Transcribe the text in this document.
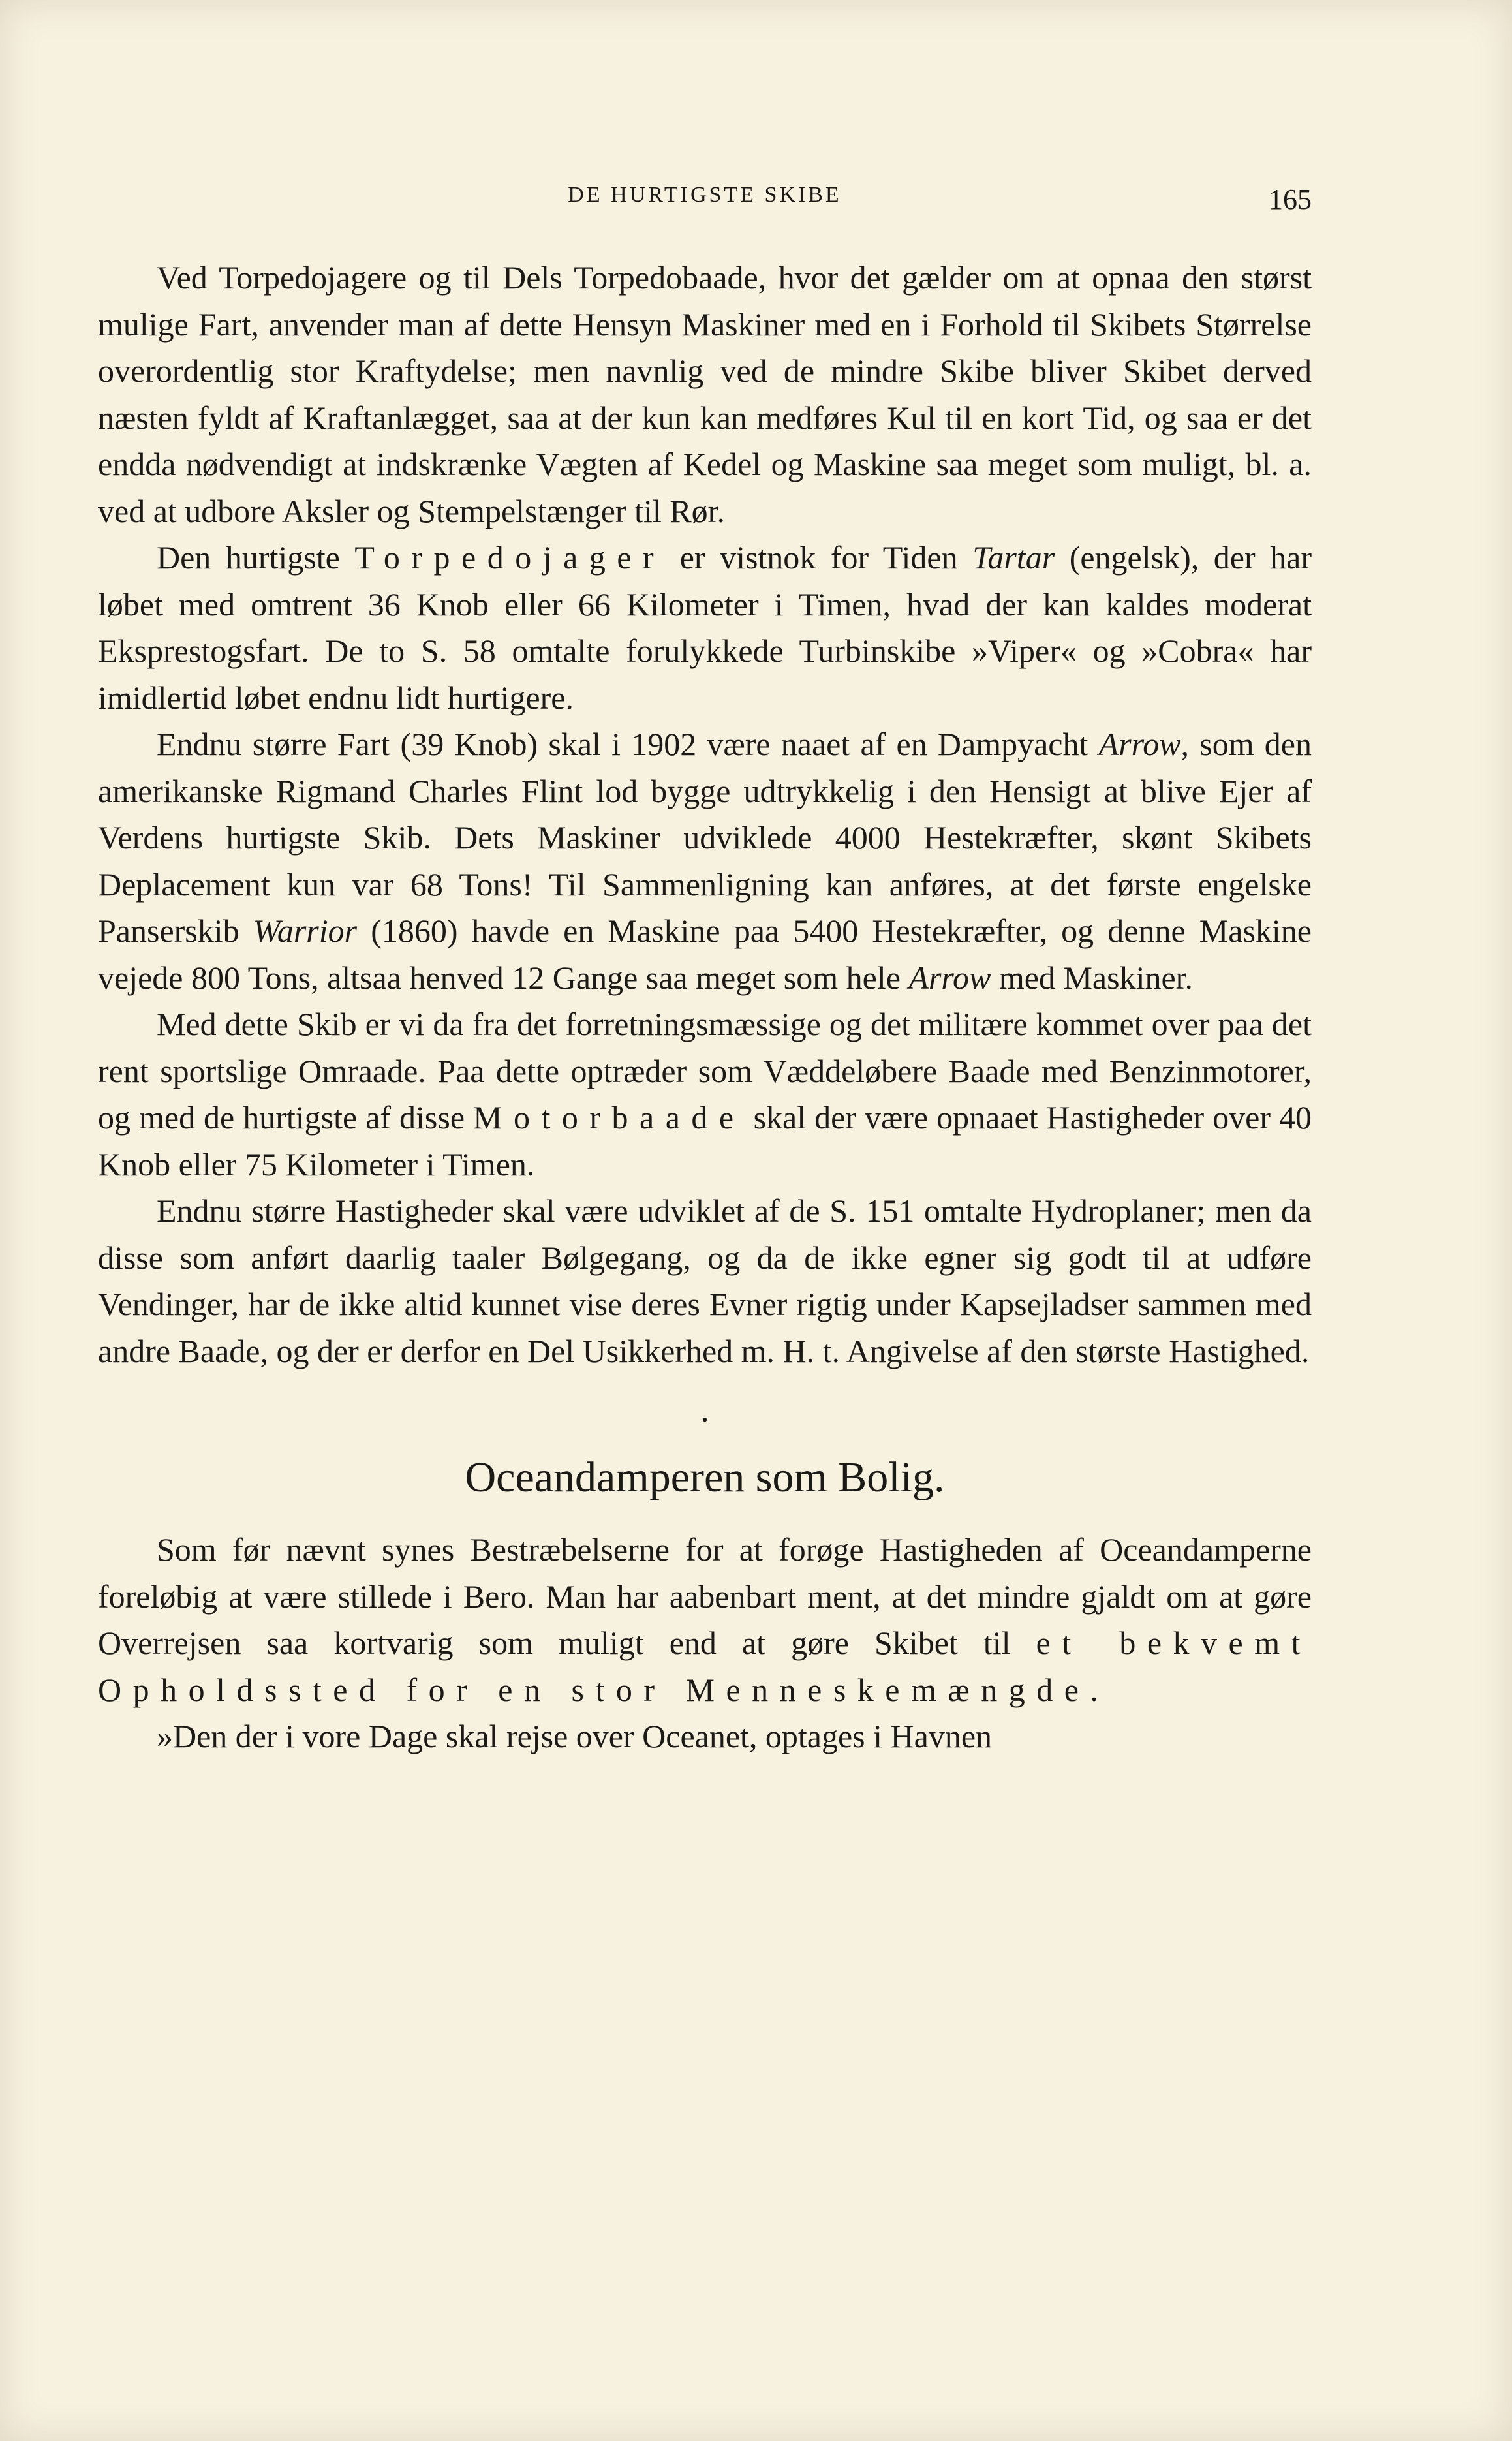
DE HURTIGSTE SKIBE	165

Ved Torpedojagere og til Dels Torpedobaade, hvor det gælder om at opnaa den størst mulige Fart, anvender man af dette Hensyn Maskiner med en i Forhold til Skibets Størrelse overordentlig stor Kraftydelse; men navnlig ved de mindre Skibe bliver Skibet derved næsten fyldt af Kraftanlægget, saa at der kun kan medføres Kul til en kort Tid, og saa er det endda nødvendigt at indskrænke Vægten af Kedel og Maskine saa meget som muligt, bl. a. ved at udbore Aksler og Stempelstænger til Rør.

Den hurtigste Torpedojager er vistnok for Tiden Tartar (engelsk), der har løbet med omtrent 36 Knob eller 66 Kilometer i Timen, hvad der kan kaldes moderat Eksprestogsfart. De to S. 58 omtalte forulykkede Turbinskibe »Viper« og »Cobra« har imidlertid løbet endnu lidt hurtigere.

Endnu større Fart (39 Knob) skal i 1902 være naaet af en Dampyacht Arrow, som den amerikanske Rigmand Charles Flint lod bygge udtrykkelig i den Hensigt at blive Ejer af Verdens hurtigste Skib. Dets Maskiner udviklede 4000 Hestekræfter, skønt Skibets Deplacement kun var 68 Tons! Til Sammenligning kan anføres, at det første engelske Panserskib Warrior (1860) havde en Maskine paa 5400 Hestekræfter, og denne Maskine vejede 800 Tons, altsaa henved 12 Gange saa meget som hele Arrow med Maskiner.

Med dette Skib er vi da fra det forretningsmæssige og det militære kommet over paa det rent sportslige Omraade. Paa dette optræder som Væddeløbere Baade med Benzinmotorer, og med de hurtigste af disse Motorbaade skal der være opnaaet Hastigheder over 40 Knob eller 75 Kilometer i Timen.

Endnu større Hastigheder skal være udviklet af de S. 151 omtalte Hydroplaner; men da disse som anført daarlig taaler Bølgegang, og da de ikke egner sig godt til at udføre Vendinger, har de ikke altid kunnet vise deres Evner rigtig under Kapsejladser sammen med andre Baade, og der er derfor en Del Usikkerhed m. H. t. Angivelse af den største Hastighed.

•
Oceandamperen som Bolig.

Som før nævnt synes Bestræbelserne for at forøge Hastigheden af Oceandamperne foreløbig at være stillede i Bero. Man har aabenbart ment, at det mindre gjaldt om at gøre Overrejsen saa kortvarig som muligt end at gøre Skibet til et bekvemt Opholdssted for en stor Menneskemængde.

»Den der i vore Dage skal rejse over Oceanet, optages i Havnen
